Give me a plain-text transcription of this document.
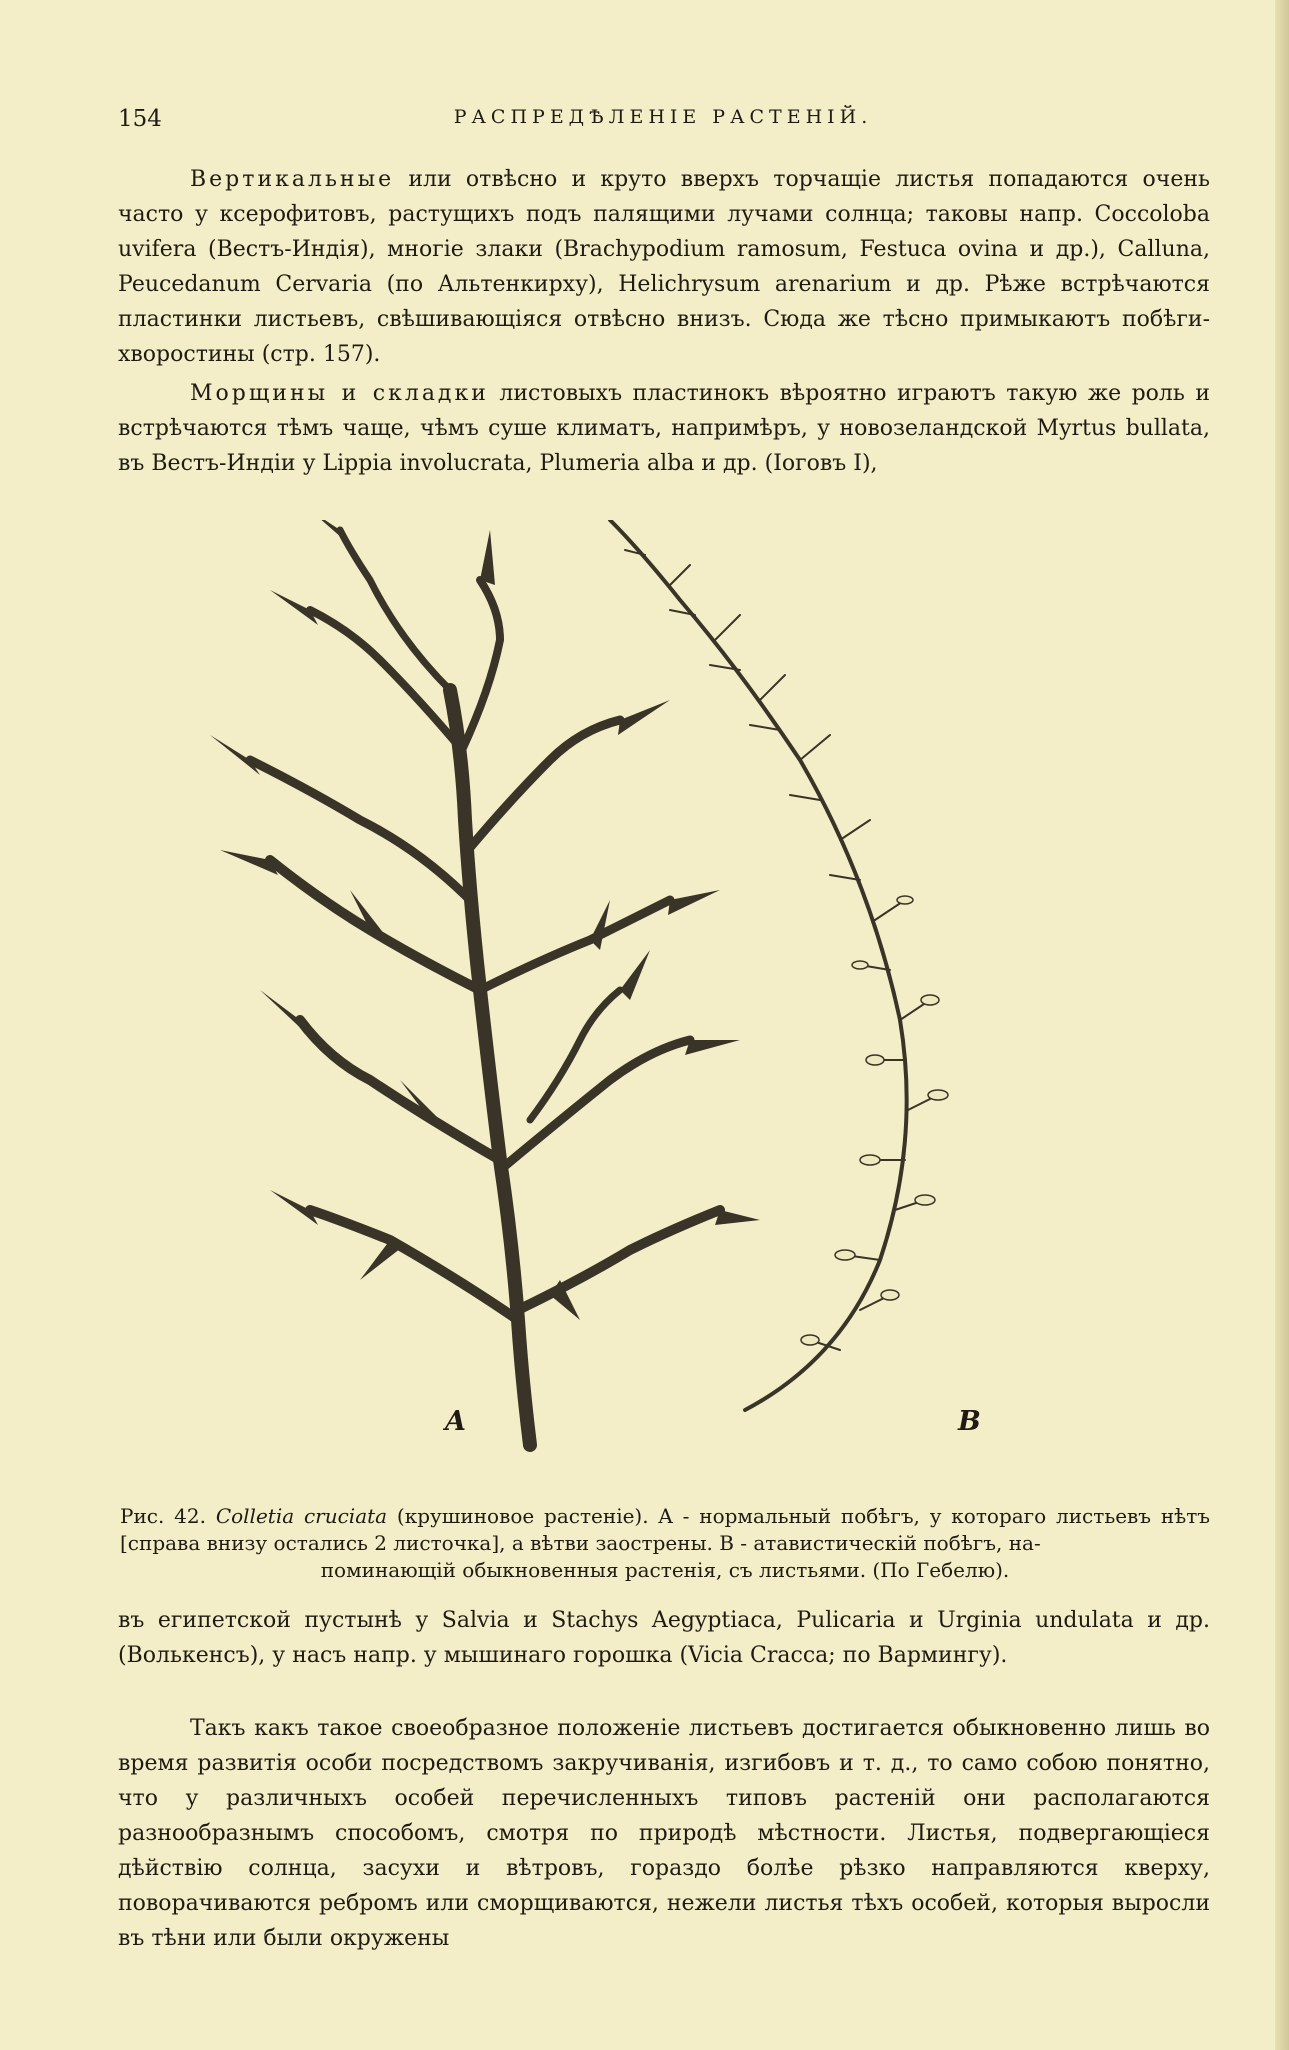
154	РАСПРЕДѢЛЕНІЕ РАСТЕНІЙ.

Вертикальные или отвѣсно и круто вверхъ торчащіе листья попадаются очень часто у ксерофитовъ, растущихъ подъ палящими лучами солнца; таковы напр. Coccoloba uvifera (Вестъ-Индія), многіе злаки (Brachypodium ramosum, Festuca ovina и др.), Calluna, Peucedanum Cervaria (по Альтенкирху), Helichrysum arenarium и др. Рѣже встрѣчаются пластинки листьевъ, свѣшивающіяся отвѣсно внизъ. Сюда же тѣсно примыкаютъ побѣги-хворостины (стр. 157).

Морщины и складки листовыхъ пластинокъ вѣроятно играютъ такую же роль и встрѣчаются тѣмъ чаще, чѣмъ суше климатъ, напримѣръ, у новозеландской Myrtus bullata, въ Вестъ-Индіи у Lippia involucrata, Plumeria alba и др. (Іоговъ I),

A	B
Рис. 42. Colletia cruciata (крушиновое растеніе). A - нормальный побѣгъ, у котораго листьевъ нѣтъ [справа внизу остались 2 листочка], а вѣтви заострены. B - атавистическій побѣгъ, на-
поминающій обыкновенныя растенія, съ листьями. (По Гебелю).

въ египетской пустынѣ у Salvia и Stachys Aegyptiaca, Pulicaria и Urginia undulata и др. (Волькенсъ), у насъ напр. у мышинаго горошка (Vicia Cracca; по Вармингу).

Такъ какъ такое своеобразное положеніе листьевъ достигается обыкновенно лишь во время развитія особи посредствомъ закручиванія, изгибовъ и т. д., то само собою понятно, что у различныхъ особей перечисленныхъ типовъ растеній они располагаются разнообразнымъ способомъ, смотря по природѣ мѣстности. Листья, подвергающіеся дѣйствію солнца, засухи и вѣтровъ, гораздо болѣе рѣзко направляются кверху, поворачиваются ребромъ или сморщиваются, нежели листья тѣхъ особей, которыя выросли въ тѣни или были окружены
